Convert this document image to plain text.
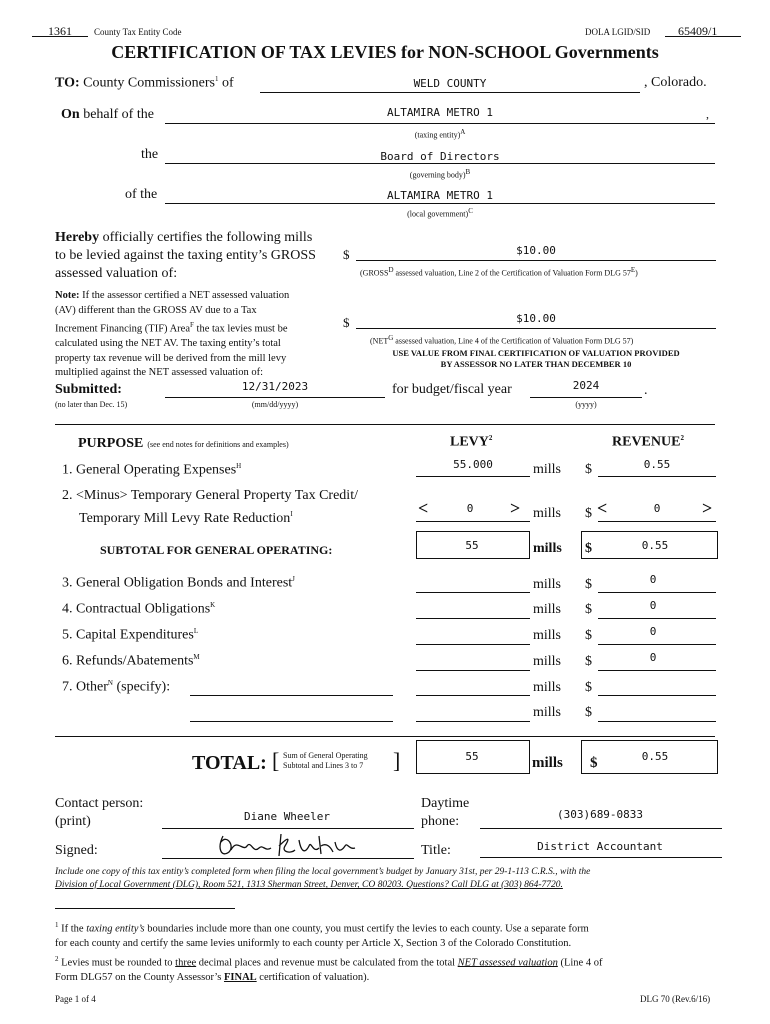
1361 County Tax Entity Code	DOLA LGID/SID 65409/1
CERTIFICATION OF TAX LEVIES for NON-SCHOOL Governments
TO: County Commissioners$^1$ of	WELD COUNTY	, Colorado.
On behalf of the	ALTAMIRA METRO 1	,
(taxing entity)$^A$
the	Board of Directors
(governing body)$^B$
of the	ALTAMIRA METRO 1
(local government)$^C$
Hereby officially certifies the following mills
to be levied against the taxing entity’s GROSS
assessed valuation of:
$	$10.00
($GROSS^D$ assessed valuation, Line 2 of the Certification of Valuation Form DLG $57^E$)
Note: If the assessor certified a NET assessed valuation
(AV) different than the GROSS AV due to a Tax
Increment Financing (TIF) Area$^F$ the tax levies must be
calculated using the NET AV. The taxing entity’s total
property tax revenue will be derived from the mill levy
multiplied against the NET assessed valuation of:
$	$10.00
($NET^G$ assessed valuation, Line 4 of the Certification of Valuation Form DLG 57)
USE VALUE FROM FINAL CERTIFICATION OF VALUATION PROVIDED
BY ASSESSOR NO LATER THAN DECEMBER 10
Submitted:
(no later than Dec. 15)
12/31/2023
(mm/dd/yyyy)
for budget/fiscal year	2024	.
(yyyy)
PURPOSE (see end notes for definitions and examples)	LEVY$^2$	REVENUE$^2$
1. General Operating Expenses$^H$	55.000	mills $	0.55
2. <Minus> Temporary General Property Tax Credit/
Temporary Mill Levy Rate Reduction$^I$	<	0	> mills $ <	0	>
SUBTOTAL FOR GENERAL OPERATING:	55	mills $	0.55
3. General Obligation Bonds and Interest$^J$	mills $	0
4. Contractual Obligations$^K$	mills $	0
5. Capital Expenditures$^L$	mills $	0
6. Refunds/Abatements$^M$	mills $	0
7. Other$^N$ (specify):	mills $
mills $
TOTAL: [ Sum of General Operating
Subtotal and Lines 3 to 7 ]	55	mills $	0.55
Contact person:
(print)	Diane Wheeler
Daytime
phone:	(303)689-0833
Signed:	Title:	District Accountant
Include one copy of this tax entity’s completed form when filing the local government’s budget by January 31st, per 29-1-113 C.R.S., with the
Division of Local Government (DLG), Room 521, 1313 Sherman Street, Denver, CO 80203. Questions? Call DLG at (303) 864-7720.
$^1$ If the taxing entity’s boundaries include more than one county, you must certify the levies to each county. Use a separate form
for each county and certify the same levies uniformly to each county per Article X, Section 3 of the Colorado Constitution.
$^2$ Levies must be rounded to three decimal places and revenue must be calculated from the total NET assessed valuation (Line 4 of
Form DLG57 on the County Assessor’s FINAL certification of valuation).
Page 1 of 4	DLG 70 (Rev.6/16)
